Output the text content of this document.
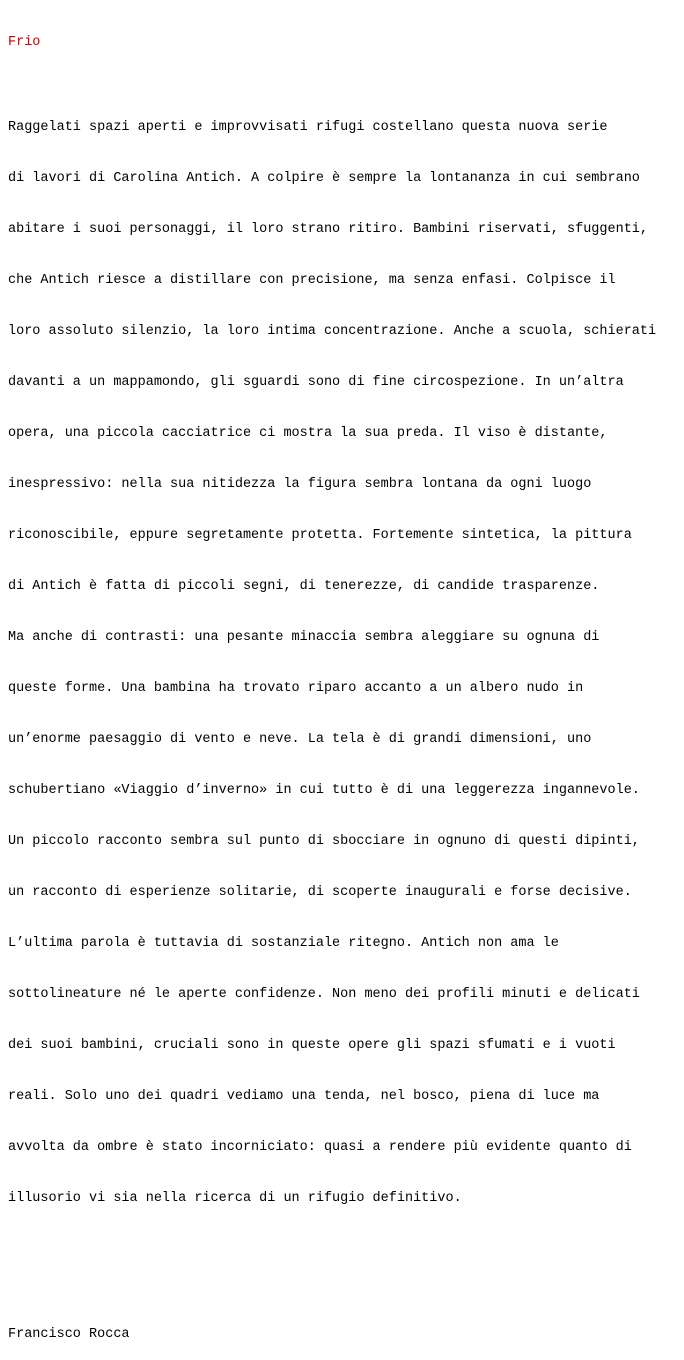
Frio

Raggelati spazi aperti e improvvisati rifugi costellano questa nuova serie

di lavori di Carolina Antich. A colpire è sempre la lontananza in cui sembrano

abitare i suoi personaggi, il loro strano ritiro. Bambini riservati, sfuggenti,

che Antich riesce a distillare con precisione, ma senza enfasi. Colpisce il

loro assoluto silenzio, la loro intima concentrazione. Anche a scuola, schierati

davanti a un mappamondo, gli sguardi sono di fine circospezione. In un’altra

opera, una piccola cacciatrice ci mostra la sua preda. Il viso è distante,

inespressivo: nella sua nitidezza la figura sembra lontana da ogni luogo

riconoscibile, eppure segretamente protetta. Fortemente sintetica, la pittura

di Antich è fatta di piccoli segni, di tenerezze, di candide trasparenze.

Ma anche di contrasti: una pesante minaccia sembra aleggiare su ognuna di

queste forme. Una bambina ha trovato riparo accanto a un albero nudo in

un’enorme paesaggio di vento e neve. La tela è di grandi dimensioni, uno

schubertiano «Viaggio d’inverno» in cui tutto è di una leggerezza ingannevole.

Un piccolo racconto sembra sul punto di sbocciare in ognuno di questi dipinti,

un racconto di esperienze solitarie, di scoperte inaugurali e forse decisive.

L’ultima parola è tuttavia di sostanziale ritegno. Antich non ama le

sottolineature né le aperte confidenze. Non meno dei profili minuti e delicati

dei suoi bambini, cruciali sono in queste opere gli spazi sfumati e i vuoti

reali. Solo uno dei quadri vediamo una tenda, nel bosco, piena di luce ma

avvolta da ombre è stato incorniciato: quasi a rendere più evidente quanto di

illusorio vi sia nella ricerca di un rifugio definitivo.

Francisco Rocca
